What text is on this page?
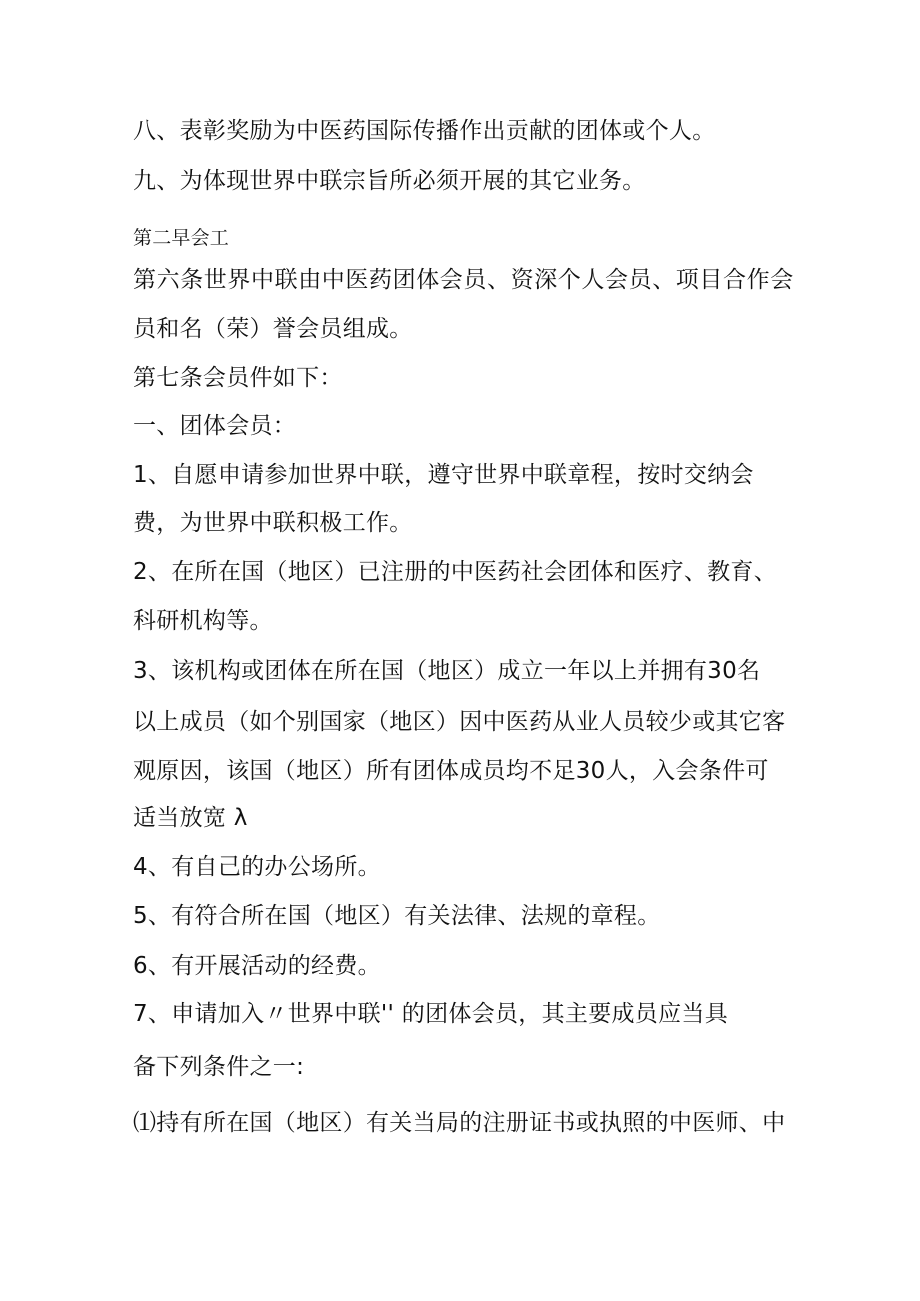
八、表彰奖励为中医药国际传播作出贡献的团体或个人。

九、为体现世界中联宗旨所必须开展的其它业务。

第二早会工

第六条世界中联由中医药团体会员、资深个人会员、项目合作会

员和名（荣）誉会员组成。

第七条会员件如下：

一、团体会员：

1、自愿申请参加世界中联，遵守世界中联章程，按时交纳会

费，为世界中联积极工作。

2、在所在国（地区）已注册的中医药社会团体和医疗、教育、

科研机构等。

3、该机构或团体在所在国（地区）成立一年以上并拥有30名

以上成员（如个别国家（地区）因中医药从业人员较少或其它客

观原因，该国（地区）所有团体成员均不足30人，入会条件可

适当放宽 λ

4、有自己的办公场所。

5、有符合所在国（地区）有关法律、法规的章程。

6、有开展活动的经费。

7、申请加入〃世界中联'' 的团体会员，其主要成员应当具

备下列条件之一:

⑴持有所在国（地区）有关当局的注册证书或执照的中医师、中
